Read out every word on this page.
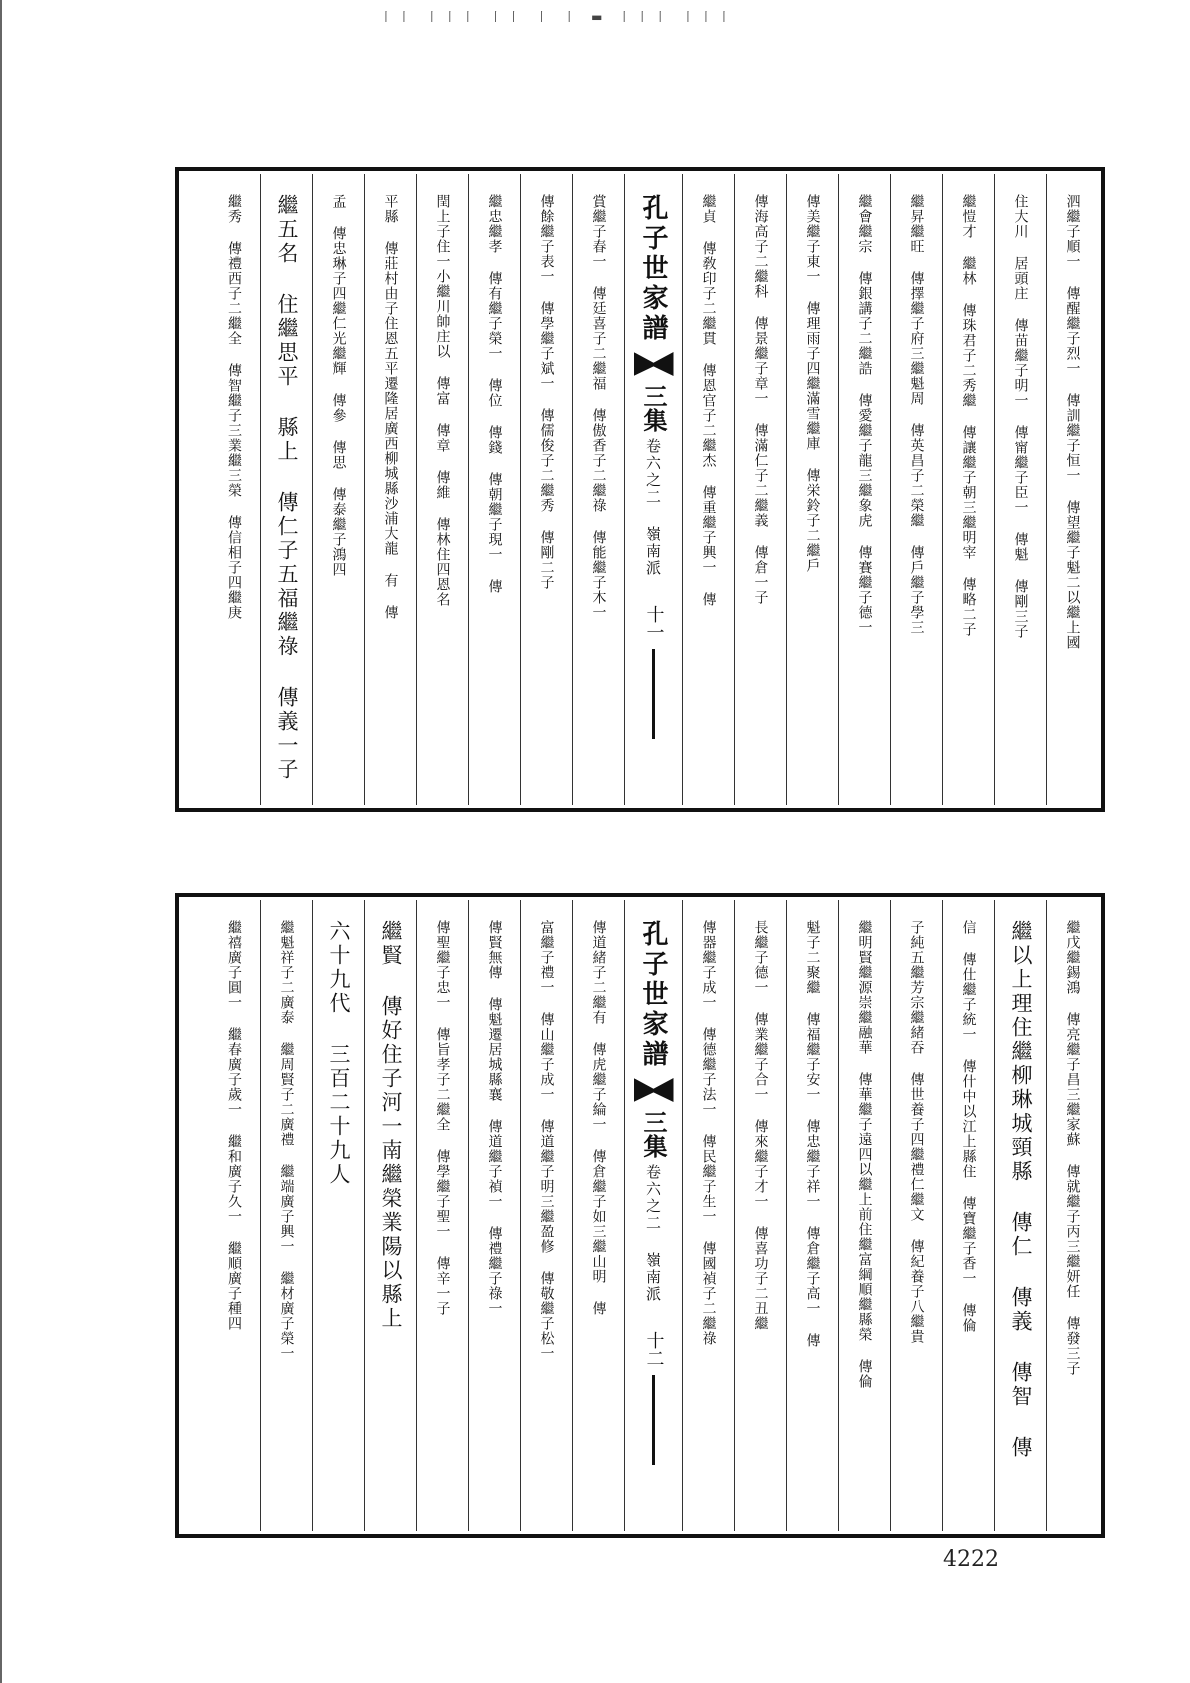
丨丨 丨丨丨 丨丨 丨 丨 ▬ 丨丨丨 丨丨丨
泗繼子順一 傳醒繼子烈一 傳訓繼子恒一 傳望繼子魁二以繼上國
住大川 居頭庄 傳苗繼子明一 傳甯繼子臣一 傳魁 傳剛三子
繼愷才 繼林 傳珠君子二秀繼 傳讓繼子朝三繼明宰 傳略二子
繼昇繼旺 傳擇繼子府三繼魁周 傳英昌子二榮繼 傳戶繼子學三
繼會繼宗 傳銀講子二繼誥 傳愛繼子龍三繼象虎 傳賽繼子德一
傳美繼子東一 傳理雨子四繼滿雪繼庫 傳栄鈴子二繼戶
傳海高子二繼科 傳景繼子章一 傳滿仁子二繼義 傳倉一子
繼貞 傳敎印子二繼貫 傳恩官子二繼杰 傳重繼子興一 傳
孔子世家譜
三集
卷六之二 嶺南派
十一
賞繼子春一 傳廷喜子二繼福 傳傲香子二繼祿 傳能繼子木一
傳餘繼子表一 傳學繼子斌一 傳儒俊子二繼秀 傳剛二子
繼忠繼孝 傳有繼子榮一 傳位 傳錢 傳朝繼子現一 傳
閏上子住一小繼川帥庄以 傳富 傳章 傳維 傳林住四恩名
平縣 傳莊村由子住恩五平遷隆居廣西柳城縣沙浦大龍 有 傳
孟 傳忠琳子四繼仁光繼輝 傳參 傳思 傳泰繼子鴻四
繼五名 住繼思平 縣上 傳仁子五福繼祿 傳義一子
繼秀 傳禮西子二繼全 傳智繼子三業繼三榮 傳信相子四繼庚
繼戊繼錫鴻 傳亮繼子昌三繼家蘇 傳就繼子丙三繼妍任 傳發三子
繼以上理住繼柳琳城頸縣 傳仁 傳義 傳智 傳
信 傳仕繼子統一 傳什中以江上縣住 傳寶繼子香一 傳倫
子純五繼芳宗繼緒吞 傳世養子四繼禮仁繼文 傳紀養子八繼貴
繼明賢繼源崇繼融華 傳華繼子遠四以繼上前住繼富綱順繼縣榮 傳倫
魁子二聚繼 傳福繼子安一 傳忠繼子祥一 傳倉繼子高一 傳
長繼子德一 傳業繼子合一 傳來繼子才一 傳喜功子二丑繼
傳器繼子成一 傳德繼子法一 傳民繼子生一 傳國禎子二繼祿
孔子世家譜
三集
卷六之二 嶺南派
十二
傳道緒子二繼有 傳虎繼子綸一 傳倉繼子如三繼山明 傳
富繼子禮一 傳山繼子成一 傳道繼子明三繼盈修 傳敬繼子松一
傳賢無傳 傳魁遷居城縣襄 傳道繼子禎一 傳禮繼子祿一
傳聖繼子忠一 傳旨孝子二繼全 傳學繼子聖一 傳辛一子
繼賢 傳好住子河一南繼榮業陽以縣上
六十九代 三百二十九人
繼魁祥子二廣泰 繼周賢子二廣禮 繼端廣子興一 繼材廣子榮一
繼禧廣子圓一 繼春廣子歲一 繼和廣子久一 繼順廣子種四
4222
